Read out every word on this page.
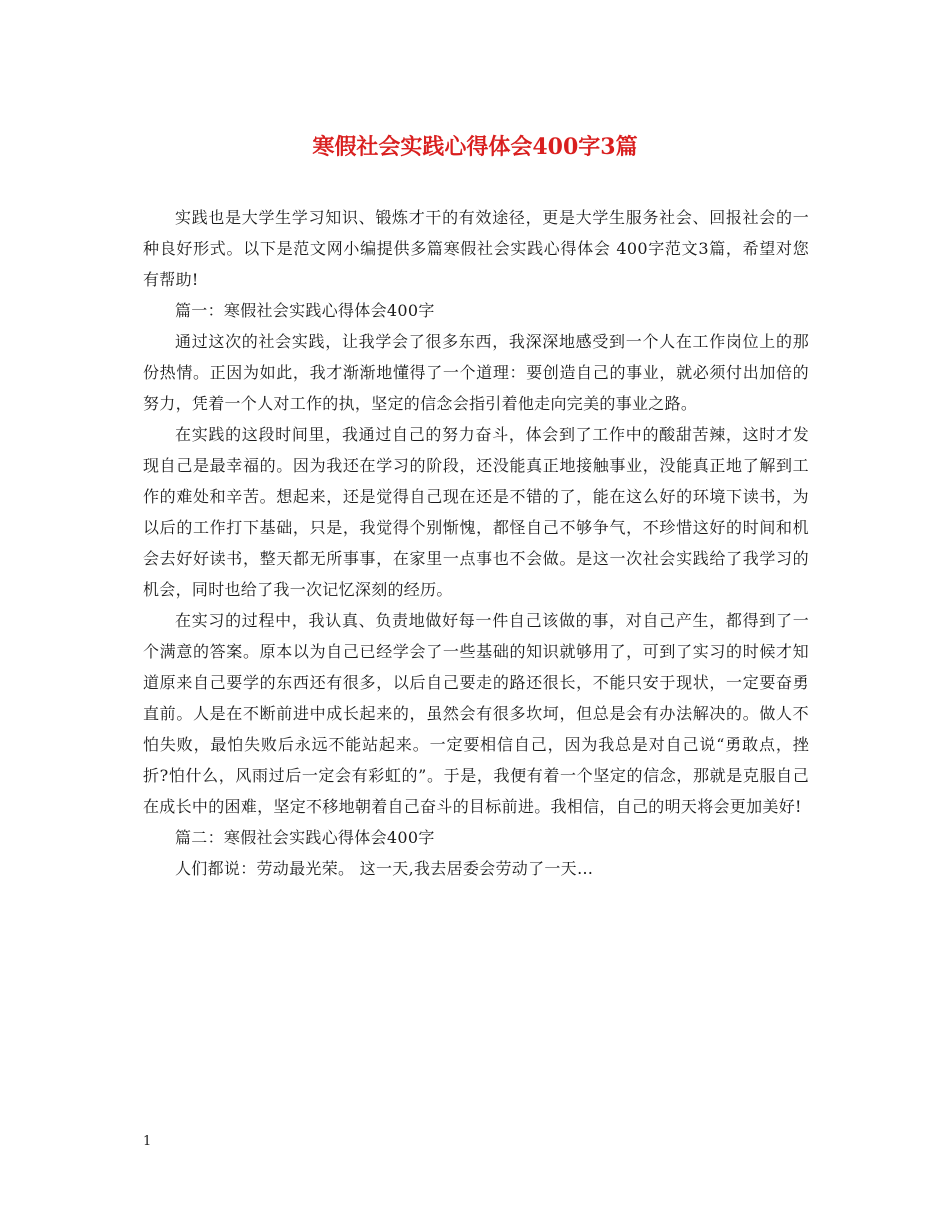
寒假社会实践心得体会400字3篇

实践也是大学生学习知识、锻炼才干的有效途径，更是大学生服务社会、回报社会的一种良好形式。以下是范文网小编提供多篇寒假社会实践心得体会 400字范文3篇，希望对您有帮助!

篇一：寒假社会实践心得体会400字

通过这次的社会实践，让我学会了很多东西，我深深地感受到一个人在工作岗位上的那份热情。正因为如此，我才渐渐地懂得了一个道理：要创造自己的事业，就必须付出加倍的努力，凭着一个人对工作的执，坚定的信念会指引着他走向完美的事业之路。

在实践的这段时间里，我通过自己的努力奋斗，体会到了工作中的酸甜苦辣，这时才发现自己是最幸福的。因为我还在学习的阶段，还没能真正地接触事业，没能真正地了解到工作的难处和辛苦。想起来，还是觉得自己现在还是不错的了，能在这么好的环境下读书，为以后的工作打下基础，只是，我觉得个别惭愧，都怪自己不够争气，不珍惜这好的时间和机会去好好读书，整天都无所事事，在家里一点事也不会做。是这一次社会实践给了我学习的机会，同时也给了我一次记忆深刻的经历。

在实习的过程中，我认真、负责地做好每一件自己该做的事，对自己产生，都得到了一个满意的答案。原本以为自己已经学会了一些基础的知识就够用了，可到了实习的时候才知道原来自己要学的东西还有很多，以后自己要走的路还很长，不能只安于现状，一定要奋勇直前。人是在不断前进中成长起来的，虽然会有很多坎坷，但总是会有办法解决的。做人不怕失败，最怕失败后永远不能站起来。一定要相信自己，因为我总是对自己说“勇敢点，挫折?怕什么，风雨过后一定会有彩虹的”。于是，我便有着一个坚定的信念，那就是克服自己在成长中的困难，坚定不移地朝着自己奋斗的目标前进。我相信，自己的明天将会更加美好!

篇二：寒假社会实践心得体会400字

人们都说：劳动最光荣。 这一天,我去居委会劳动了一天…

1
